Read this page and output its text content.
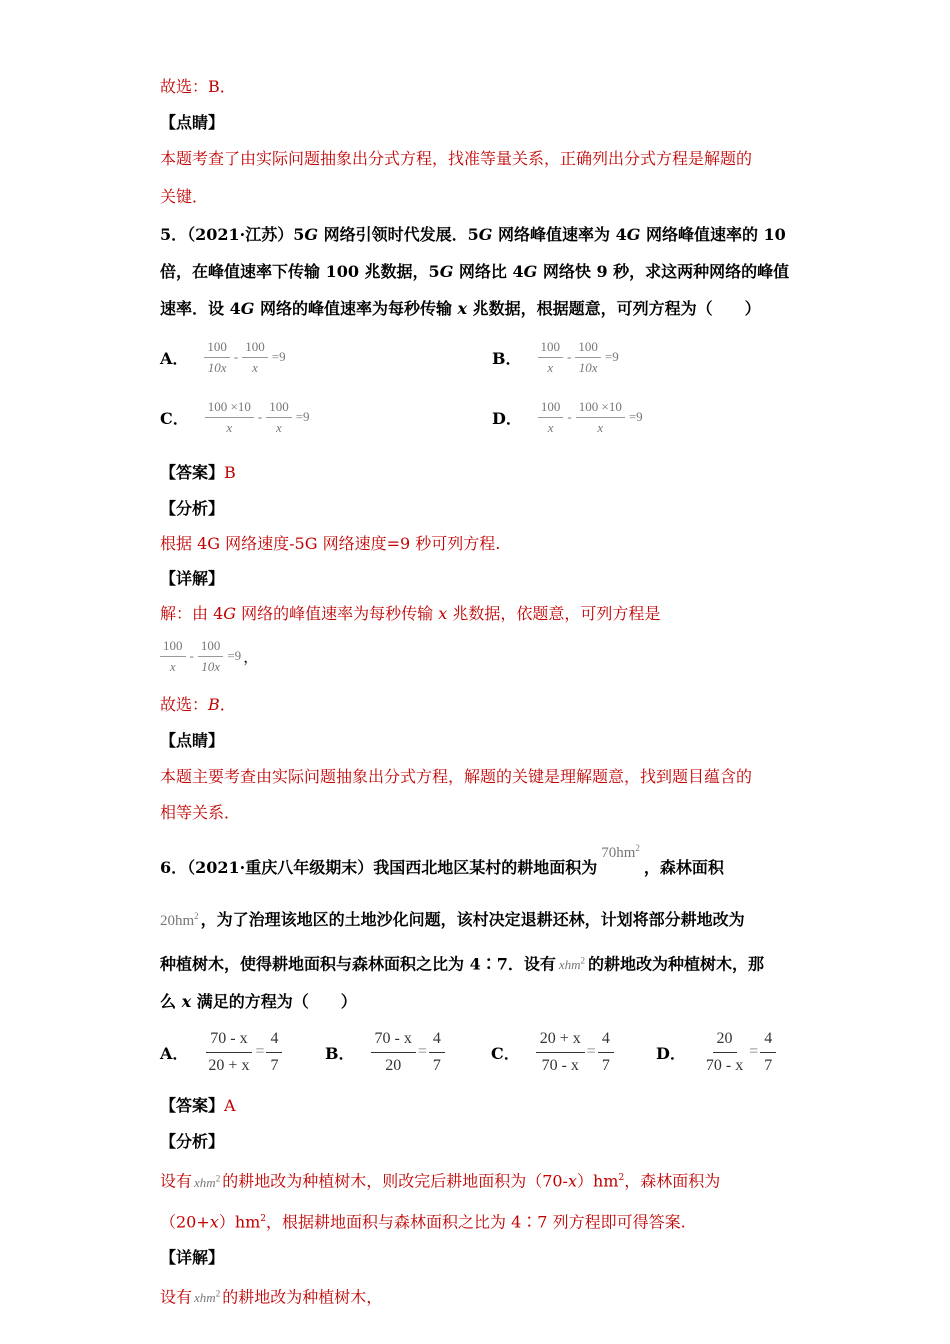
故选：B．
【点睛】
本题考查了由实际问题抽象出分式方程，找准等量关系，正确列出分式方程是解题的
关键．
5．（2021·江苏）5G 网络引领时代发展．5G 网络峰值速率为 4G 网络峰值速率的 10
倍，在峰值速率下传输 100 兆数据，5G 网络比 4G 网络快 9 秒，求这两种网络的峰值
速率．设 4G 网络的峰值速率为每秒传输 x 兆数据，根据题意，可列方程为（　　）
A． $\frac{100}{10x} - \frac{100}{x} =9$	B． $\frac{100}{x} - \frac{100}{10x} =9$
C． $\frac{100 \times 10}{x} - \frac{100}{x} =9$	D． $\frac{100}{x} - \frac{100 \times 10}{x} =9$
【答案】B
【分析】
根据 4G 网络速度-5G 网络速度=9 秒可列方程.
【详解】
解：由 4G 网络的峰值速率为每秒传输 x 兆数据，依题意，可列方程是
$\frac{100}{x} - \frac{100}{10x} =9$ ，
故选：B．
【点睛】
本题主要考查由实际问题抽象出分式方程，解题的关键是理解题意，找到题目蕴含的
相等关系．
6．（2021·重庆八年级期末）我国西北地区某村的耕地面积为$70hm^2$，森林面积
$20hm^2$ ，为了治理该地区的土地沙化问题，该村决定退耕还林，计划将部分耕地改为
种植树木，使得耕地面积与森林面积之比为 4∶7．设有 xhm$^2$ 的耕地改为种植树木，那
么 x 满足的方程为（　　）
A． $\frac{70 - x}{20 + x} = \frac{4}{7}$	B． $\frac{70 - x}{20} = \frac{4}{7}$	C． $\frac{20 + x}{70 - x} = \frac{4}{7}$	D． $\frac{20}{70 - x} = \frac{4}{7}$
【答案】A
【分析】
设有 xhm$^2$ 的耕地改为种植树木，则改完后耕地面积为$(70-x)hm^2$，森林面积为
$(20+x)hm^2$，根据耕地面积与森林面积之比为 4∶7 列方程即可得答案.
【详解】
设有 xhm$^2$ 的耕地改为种植树木，
